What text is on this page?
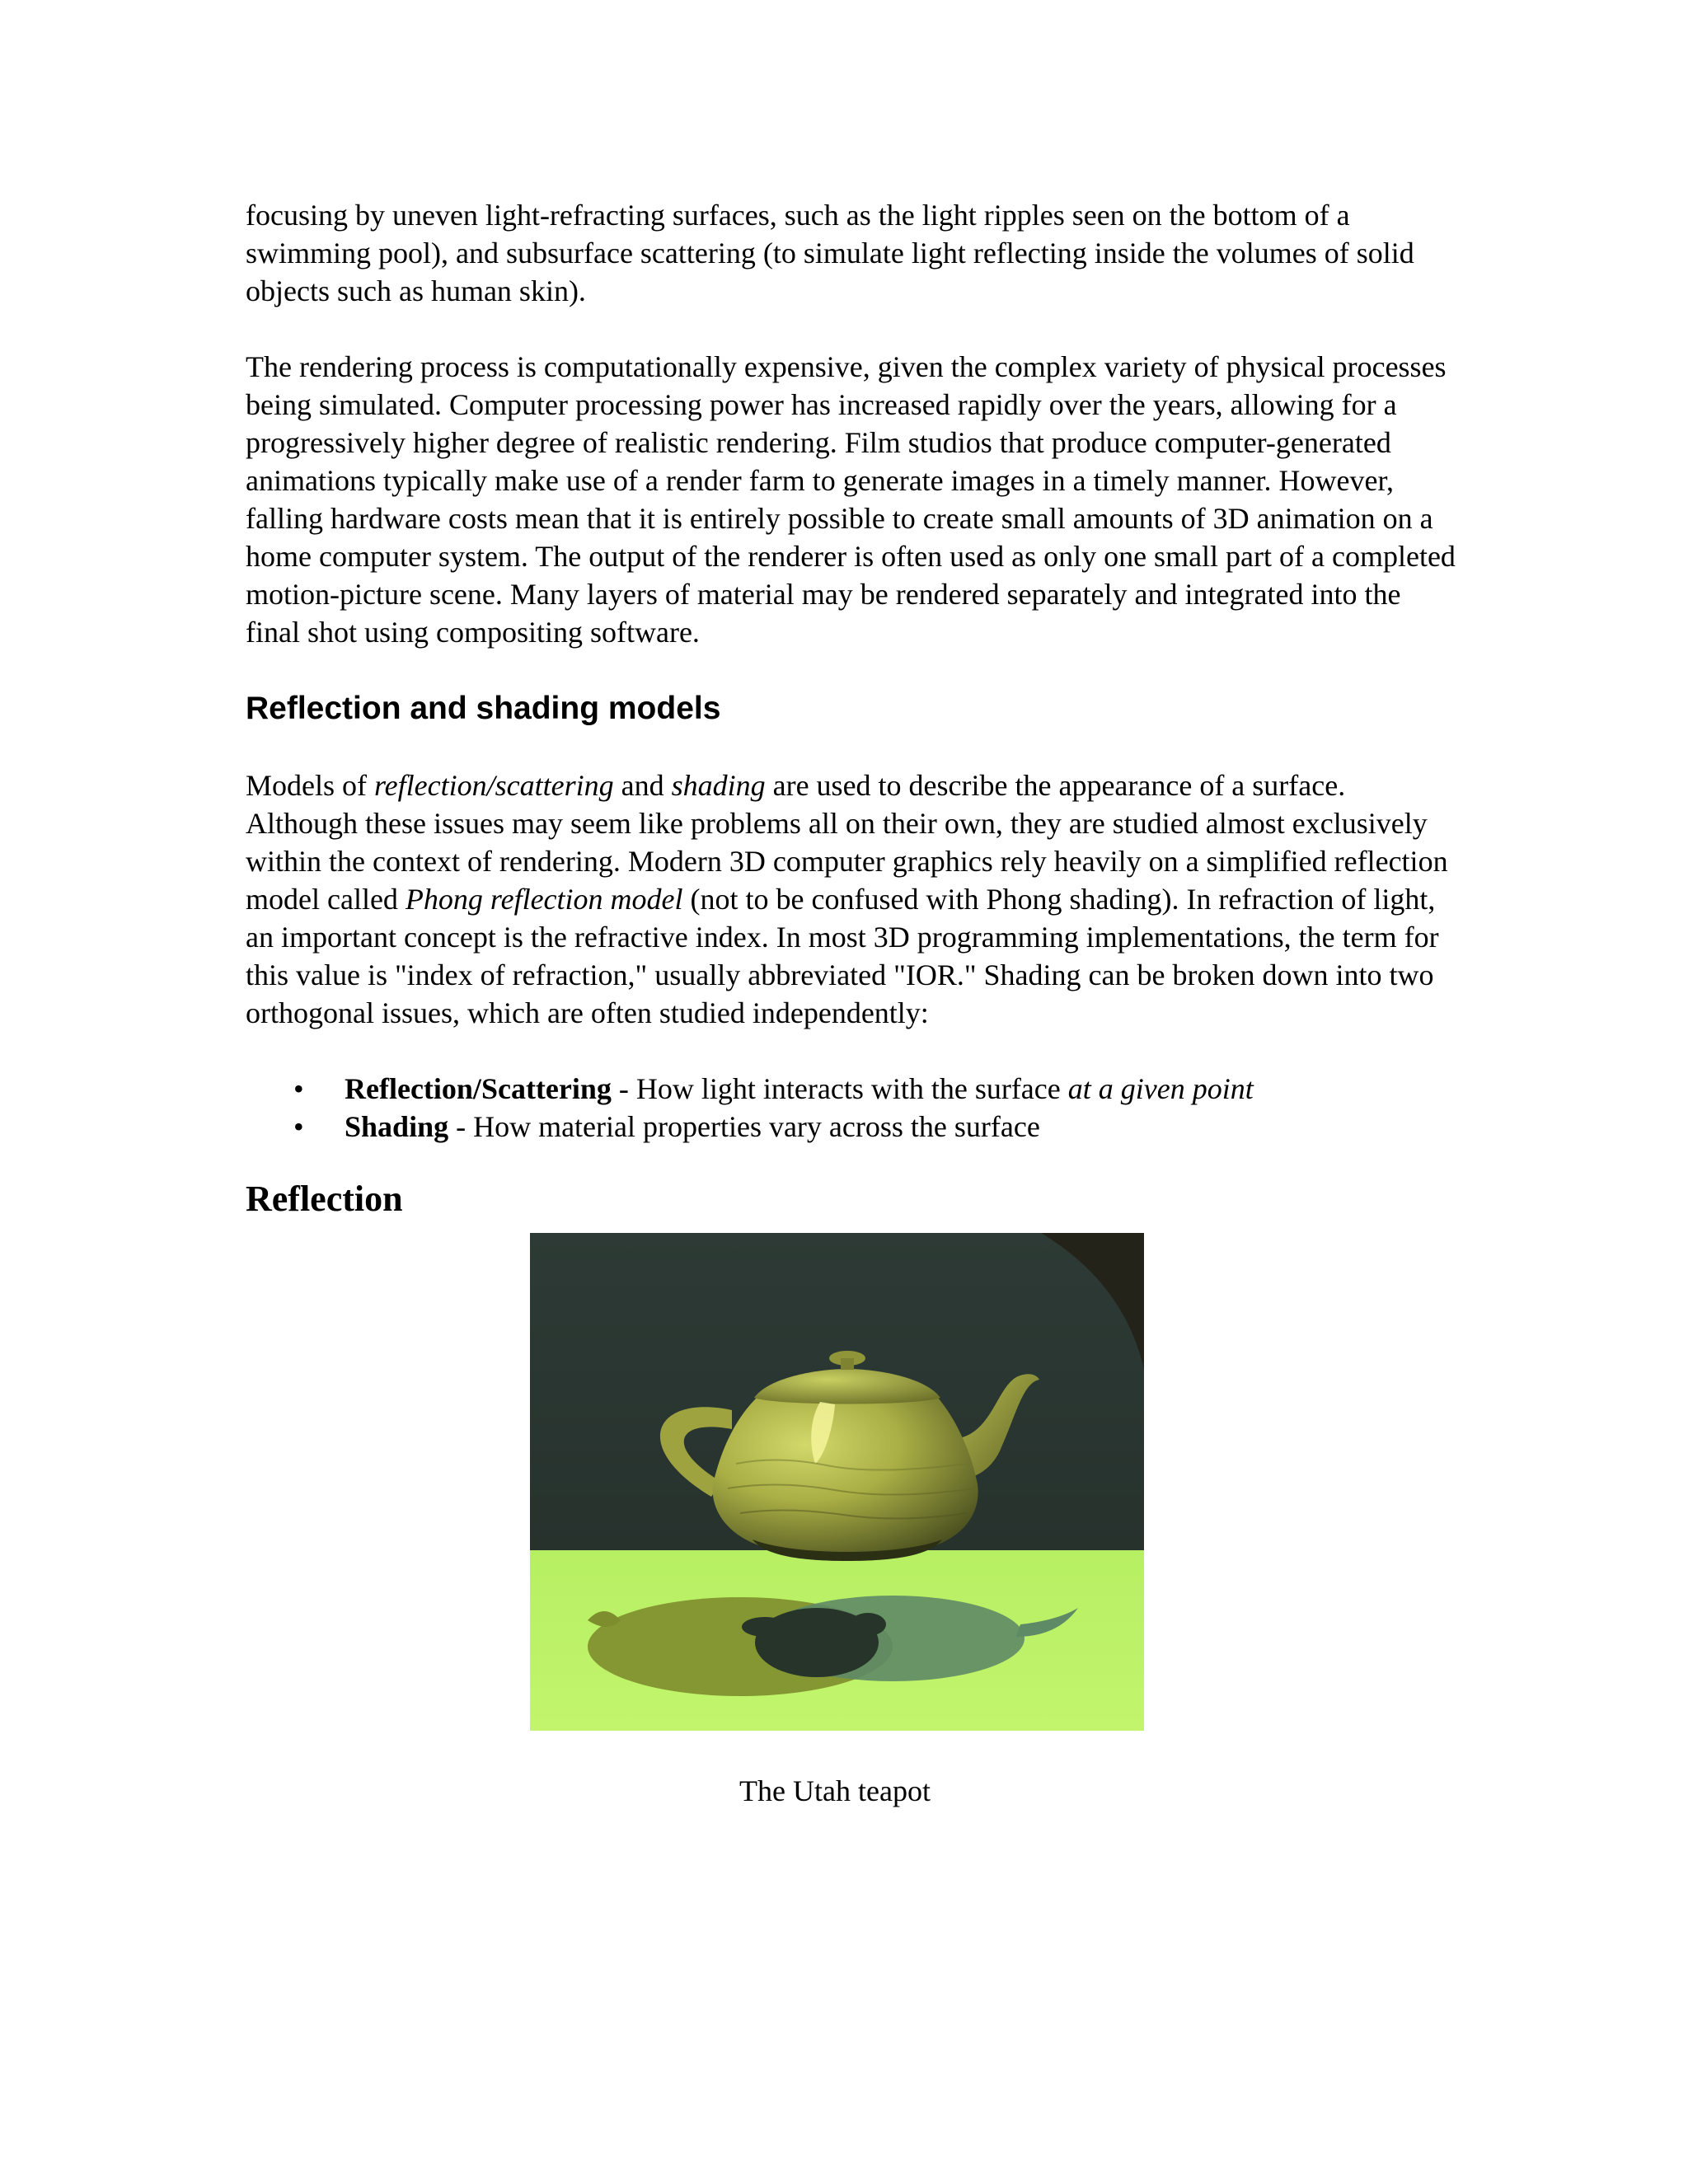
focusing by uneven light-refracting surfaces, such as the light ripples seen on the bottom of a swimming pool), and subsurface scattering (to simulate light reflecting inside the volumes of solid objects such as human skin).

The rendering process is computationally expensive, given the complex variety of physical processes being simulated. Computer processing power has increased rapidly over the years, allowing for a progressively higher degree of realistic rendering. Film studios that produce computer-generated animations typically make use of a render farm to generate images in a timely manner. However, falling hardware costs mean that it is entirely possible to create small amounts of 3D animation on a home computer system. The output of the renderer is often used as only one small part of a completed motion-picture scene. Many layers of material may be rendered separately and integrated into the final shot using compositing software.

Reflection and shading models

Models of reflection/scattering and shading are used to describe the appearance of a surface. Although these issues may seem like problems all on their own, they are studied almost exclusively within the context of rendering. Modern 3D computer graphics rely heavily on a simplified reflection model called Phong reflection model (not to be confused with Phong shading). In refraction of light, an important concept is the refractive index. In most 3D programming implementations, the term for this value is "index of refraction," usually abbreviated "IOR." Shading can be broken down into two orthogonal issues, which are often studied independently:

• Reflection/Scattering - How light interacts with the surface at a given point
• Shading - How material properties vary across the surface
Reflection

The Utah teapot
